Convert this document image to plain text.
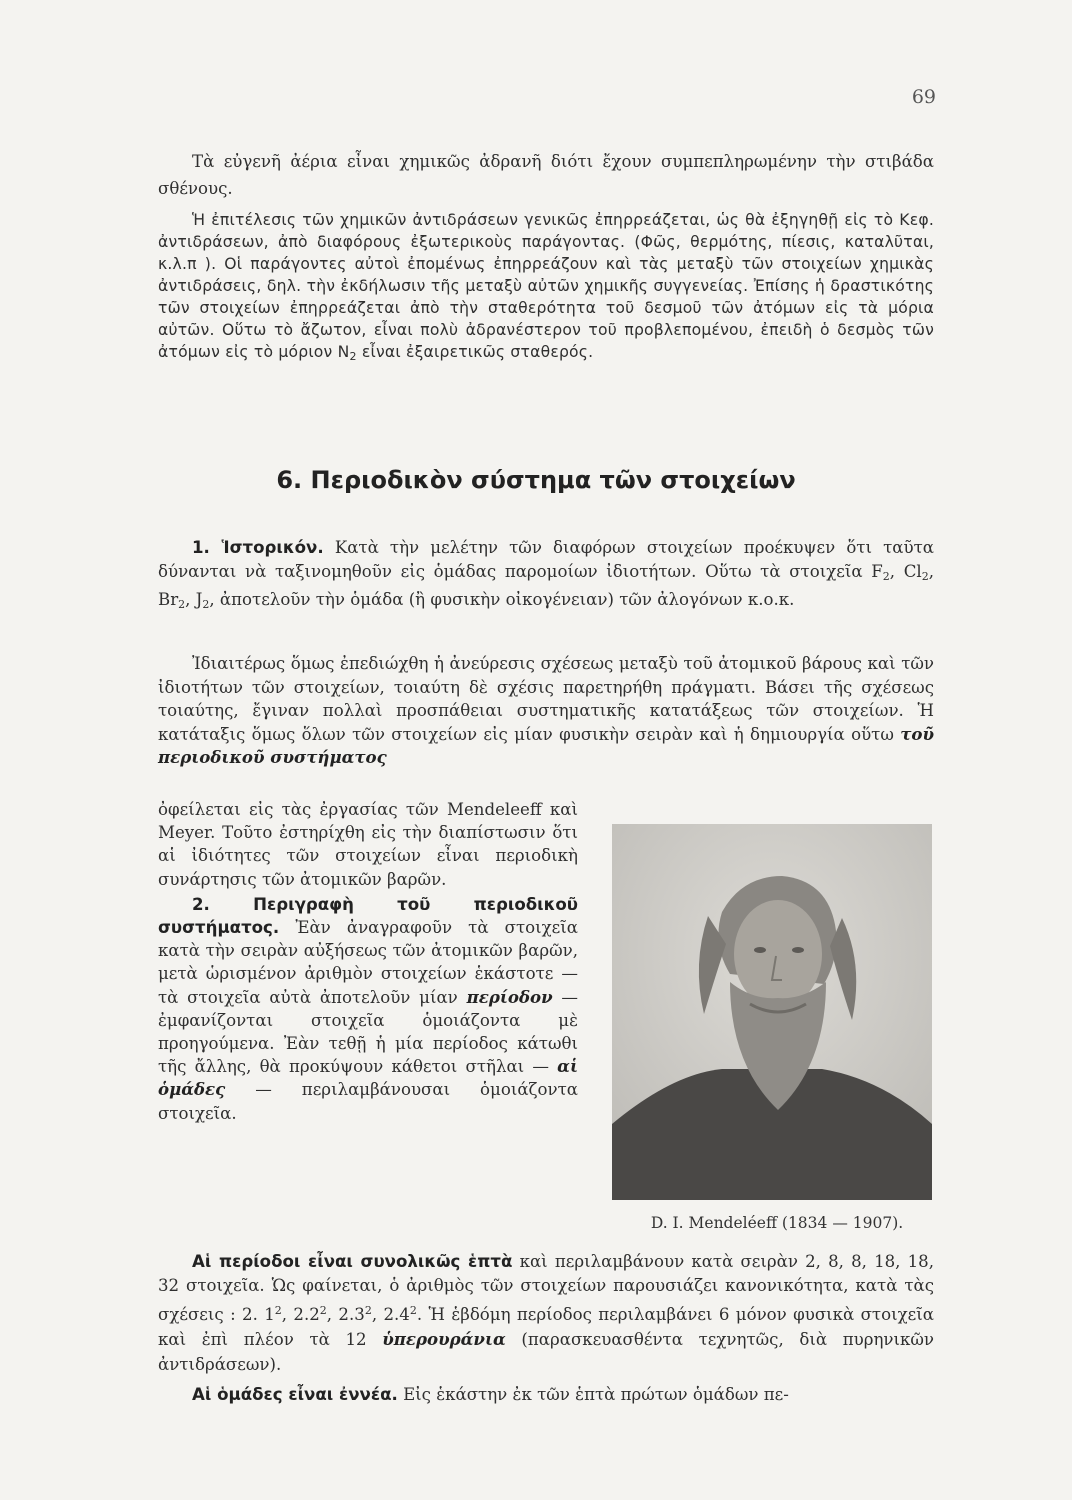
69

Τὰ εὐγενῆ ἀέρια εἶναι χημικῶς ἀδρανῆ διότι ἔχουν συμπεπληρωμένην τὴν στιβάδα σθένους.

Ἡ ἐπιτέλεσις τῶν χημικῶν ἀντιδράσεων γενικῶς ἐπηρρεάζεται, ὡς θὰ ἐξηγηθῇ εἰς τὸ Κεφ. ἀντιδράσεων, ἀπὸ διαφόρους ἐξωτερικοὺς παράγοντας. (Φῶς, θερμότης, πίεσις, καταλῦται, κ.λ.π ). Οἱ παράγοντες αὐτοὶ ἐπομένως ἐπηρρεάζουν καὶ τὰς μεταξὺ τῶν στοιχείων χημικὰς ἀντιδράσεις, δηλ. τὴν ἐκδήλωσιν τῆς μεταξὺ αὐτῶν χημικῆς συγγενείας. Ἐπίσης ἡ δραστικότης τῶν στοιχείων ἐπηρρεάζεται ἀπὸ τὴν σταθερότητα τοῦ δεσμοῦ τῶν ἀτόμων εἰς τὰ μόρια αὐτῶν. Οὕτω τὸ ἄζωτον, εἶναι πολὺ ἀδρανέστερον τοῦ προβλεπομένου, ἐπειδὴ ὁ δεσμὸς τῶν ἀτόμων εἰς τὸ μόριον $N_2$ εἶναι ἐξαιρετικῶς σταθερός.

6. Περιοδικὸν σύστημα τῶν στοιχείων

1. Ἱστορικόν. Κατὰ τὴν μελέτην τῶν διαφόρων στοιχείων προέκυψεν ὅτι ταῦτα δύνανται νὰ ταξινομηθοῦν εἰς ὁμάδας παρομοίων ἰδιοτήτων. Οὕτω τὰ στοιχεῖα $F_2$, $Cl_2$, $Br_2$, $J_2$, ἀποτελοῦν τὴν ὁμάδα (ἢ φυσικὴν οἰκογένειαν) τῶν ἀλογόνων κ.ο.κ.

Ἰδιαιτέρως ὅμως ἐπεδιώχθη ἡ ἀνεύρεσις σχέσεως μεταξὺ τοῦ ἀτομικοῦ βάρους καὶ τῶν ἰδιοτήτων τῶν στοιχείων, τοιαύτη δὲ σχέσις παρετηρήθη πράγματι. Βάσει τῆς σχέσεως τοιαύτης, ἔγιναν πολλαὶ προσπάθειαι συστηματικῆς κατατάξεως τῶν στοιχείων. Ἡ κατάταξις ὅμως ὅλων τῶν στοιχείων εἰς μίαν φυσικὴν σειρὰν καὶ ἡ δημιουργία οὕτω τοῦ περιοδικοῦ συστήματος

ὀφείλεται εἰς τὰς ἐργασίας τῶν Mendeleeff καὶ Meyer. Τοῦτο ἐστηρίχθη εἰς τὴν διαπίστωσιν ὅτι αἱ ἰδιότητες τῶν στοιχείων εἶναι περιοδικὴ συνάρτησις τῶν ἀτομικῶν βαρῶν.

2. Περιγραφὴ τοῦ περιοδικοῦ συστήματος. Ἐὰν ἀναγραφοῦν τὰ στοιχεῖα κατὰ τὴν σειρὰν αὐξήσεως τῶν ἀτομικῶν βαρῶν, μετὰ ὡρισμένον ἀριθμὸν στοιχείων ἑκάστοτε — τὰ στοιχεῖα αὐτὰ ἀποτελοῦν μίαν περίοδον — ἐμφανίζονται στοιχεῖα ὁμοιάζοντα μὲ προηγούμενα. Ἐὰν τεθῇ ἡ μία περίοδος κάτωθι τῆς ἄλλης, θὰ προκύψουν κάθετοι στῆλαι — αἱ ὁμάδες — περιλαμβάνουσαι ὁμοιάζοντα στοιχεῖα.

D. I. Mendeléeff (1834 — 1907).

Αἱ περίοδοι εἶναι συνολικῶς ἑπτὰ καὶ περιλαμβάνουν κατὰ σειρὰν 2, 8, 8, 18, 18, 32 στοιχεῖα. Ὡς φαίνεται, ὁ ἀριθμὸς τῶν στοιχείων παρουσιάζει κανονικότητα, κατὰ τὰς σχέσεις : 2. $1^2$, $2.2^2$, $2.3^2$, $2.4^2$. Ἡ ἑβδόμη περίοδος περιλαμβάνει 6 μόνον φυσικὰ στοιχεῖα καὶ ἐπὶ πλέον τὰ 12 ὑπερουράνια (παρασκευασθέντα τεχνητῶς, διὰ πυρηνικῶν ἀντιδράσεων).

Αἱ ὁμάδες εἶναι ἐννέα. Εἰς ἑκάστην ἐκ τῶν ἑπτὰ πρώτων ὁμάδων πε-
